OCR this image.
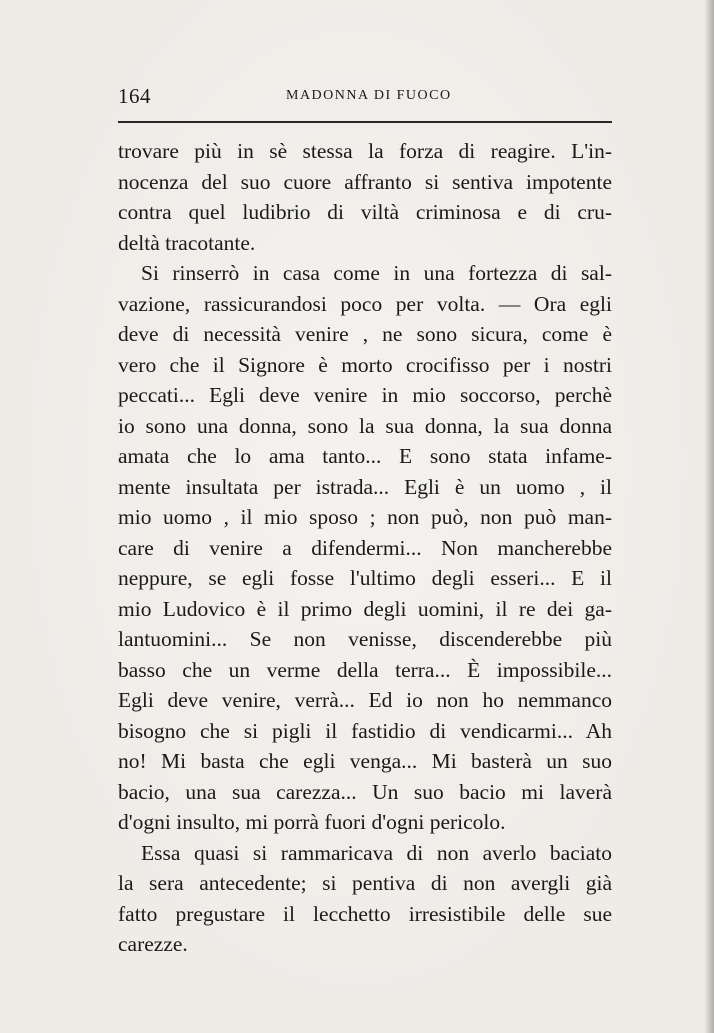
164	MADONNA DI FUOCO
trovare più in sè stessa la forza di reagire. L'in-
nocenza del suo cuore affranto si sentiva impotente
contra quel ludibrio di viltà criminosa e di cru-
deltà tracotante.
Si rinserrò in casa come in una fortezza di sal-
vazione, rassicurandosi poco per volta. — Ora egli
deve di necessità venire , ne sono sicura, come è
vero che il Signore è morto crocifisso per i nostri
peccati... Egli deve venire in mio soccorso, perchè
io sono una donna, sono la sua donna, la sua donna
amata che lo ama tanto... E sono stata infame-
mente insultata per istrada... Egli è un uomo , il
mio uomo , il mio sposo ; non può, non può man-
care di venire a difendermi... Non mancherebbe
neppure, se egli fosse l'ultimo degli esseri... E il
mio Ludovico è il primo degli uomini, il re dei ga-
lantuomini... Se non venisse, discenderebbe più
basso che un verme della terra... È impossibile...
Egli deve venire, verrà... Ed io non ho nemmanco
bisogno che si pigli il fastidio di vendicarmi... Ah
no! Mi basta che egli venga... Mi basterà un suo
bacio, una sua carezza... Un suo bacio mi laverà
d'ogni insulto, mi porrà fuori d'ogni pericolo.
Essa quasi si rammaricava di non averlo baciato
la sera antecedente; si pentiva di non avergli già
fatto pregustare il lecchetto irresistibile delle sue
carezze.
